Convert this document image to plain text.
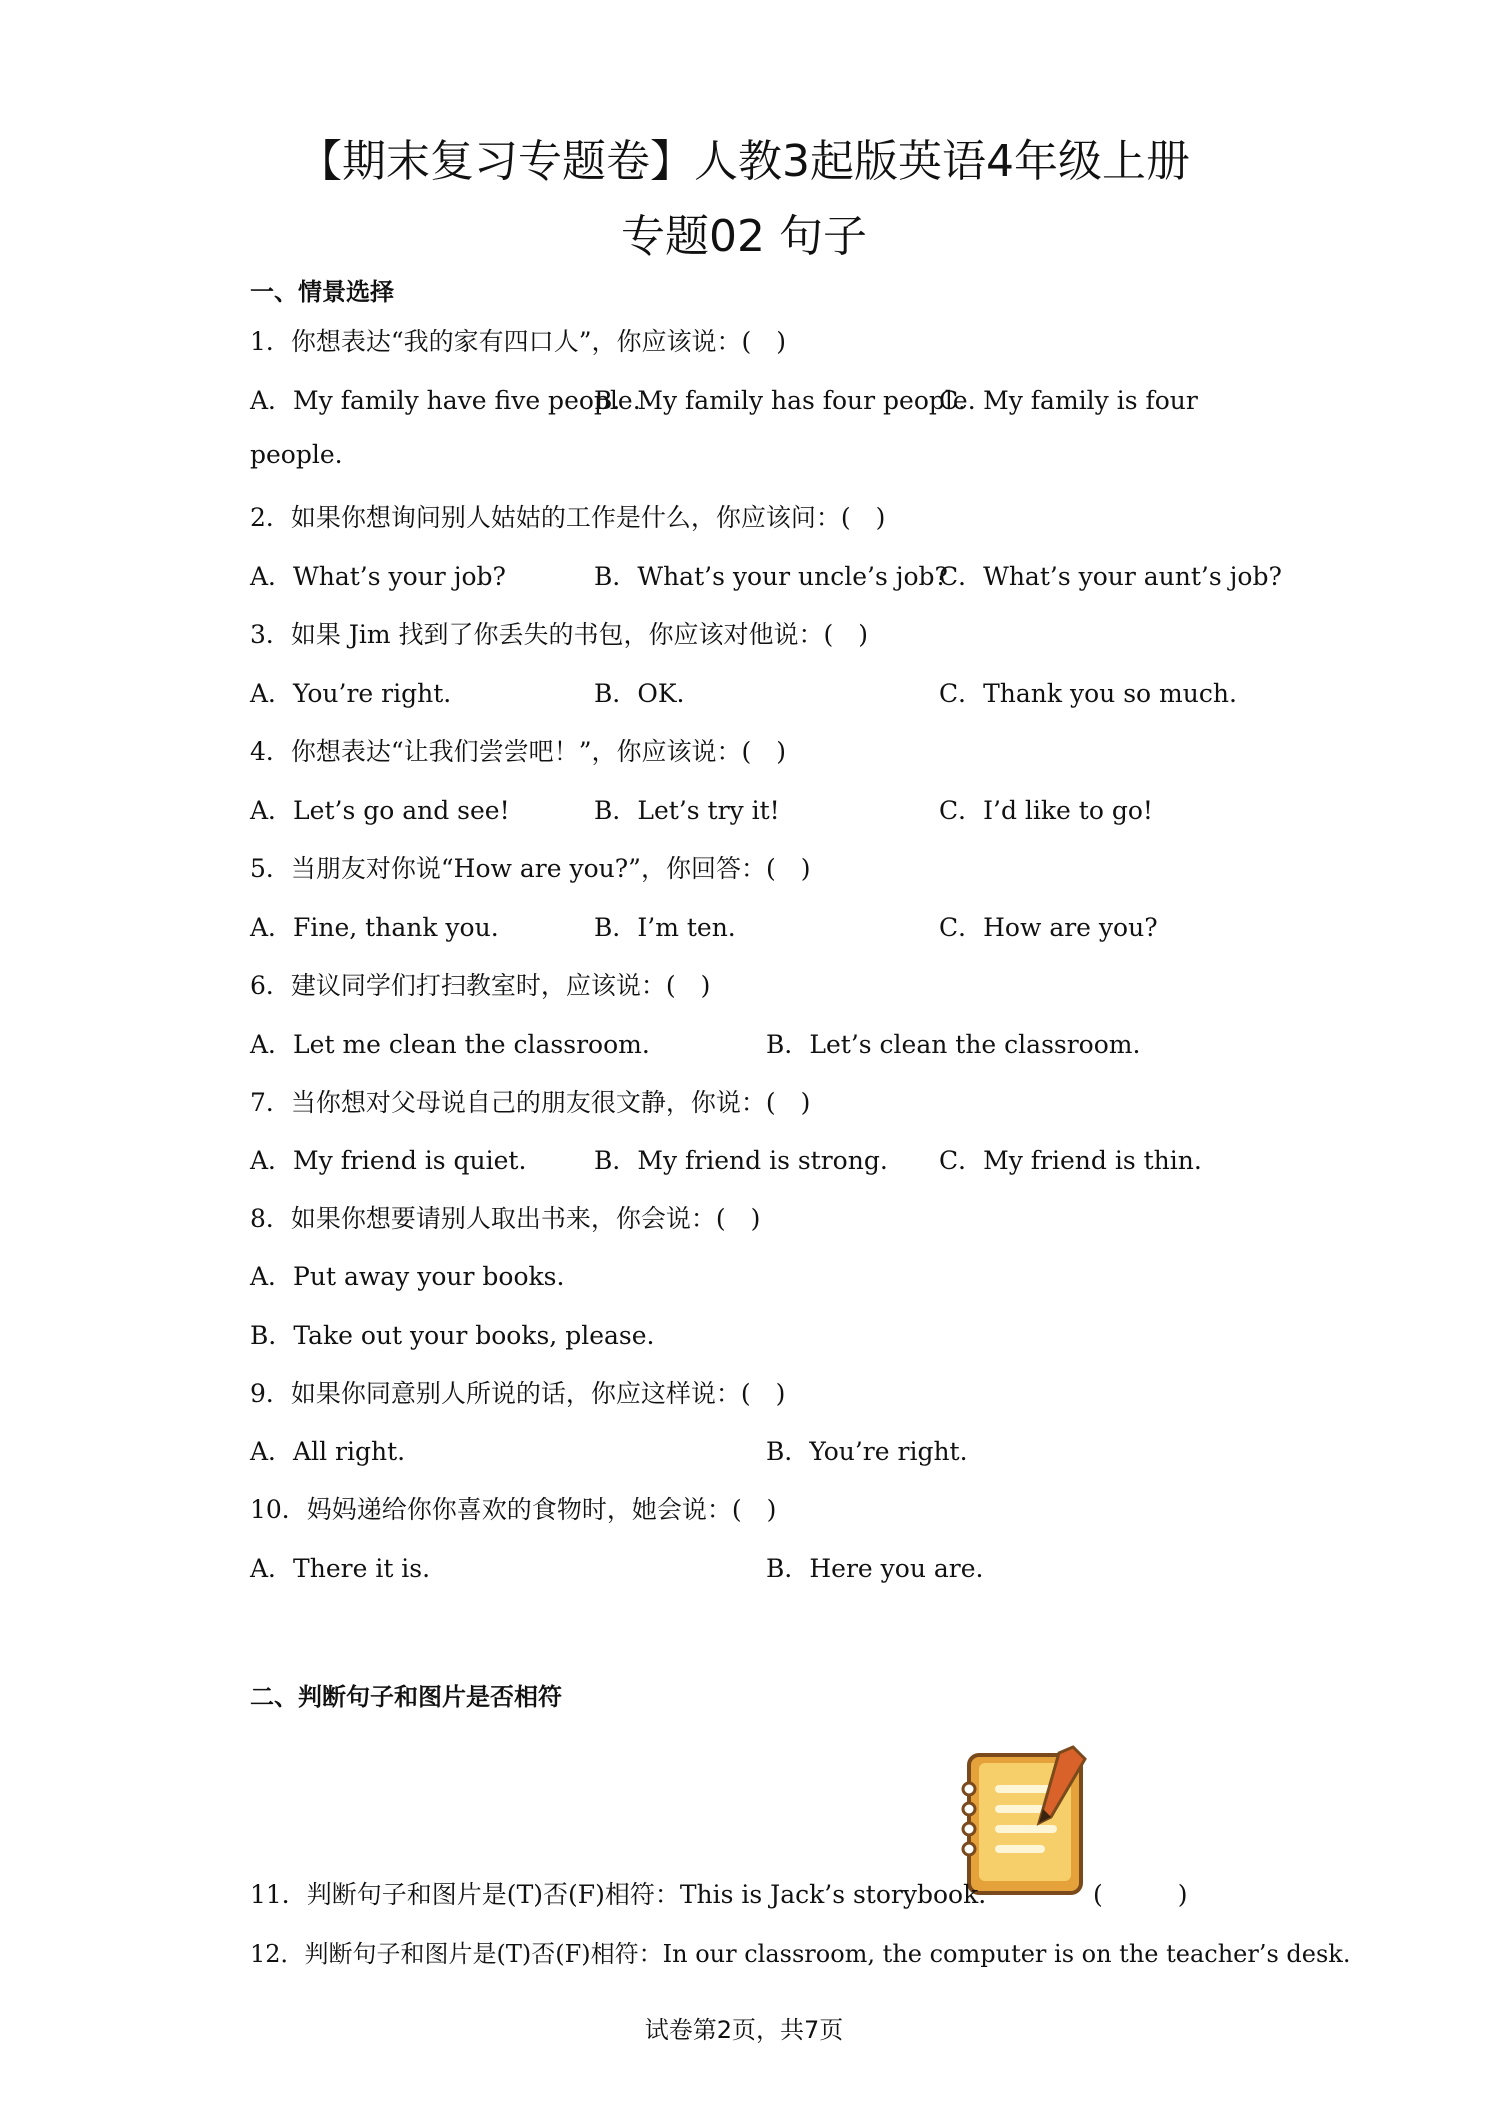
【期末复习专题卷】人教3起版英语4年级上册
专题02 句子
一、情景选择
1．你想表达“我的家有四口人”，你应该说：(　)
A．My family have five people.
B．My family has four people.
C．My family is four
people.
2．如果你想询问别人姑姑的工作是什么，你应该问：(　)
A．What’s your job?	B．What’s your uncle’s job?
C．What’s your aunt’s job?
3．如果 Jim 找到了你丢失的书包，你应该对他说：(　)
A．You’re right.	B．OK.	C．Thank you so much.
4．你想表达“让我们尝尝吧！”，你应该说：(　)
A．Let’s go and see!	B．Let’s try it!	C．I’d like to go!
5．当朋友对你说“How are you?”，你回答：(　)
A．Fine, thank you.	B．I’m ten.	C．How are you?
6．建议同学们打扫教室时，应该说：(　)
A．Let me clean the classroom.	B．Let’s clean the classroom.
7．当你想对父母说自己的朋友很文静，你说：(　)
A．My friend is quiet.	B．My friend is strong. C．My friend is thin.
8．如果你想要请别人取出书来，你会说：(　)
A．Put away your books.
B．Take out your books, please.
9．如果你同意别人所说的话，你应这样说：(　)
A．All right.	B．You’re right.
10．妈妈递给你你喜欢的食物时，她会说：(　)
A．There it is.	B．Here you are.
二、判断句子和图片是否相符
11．判断句子和图片是(T)否(F)相符：This is Jack’s storybook.	(　　　)
12．判断句子和图片是(T)否(F)相符：In our classroom, the computer is on the teacher’s desk.
试卷第2页，共7页
